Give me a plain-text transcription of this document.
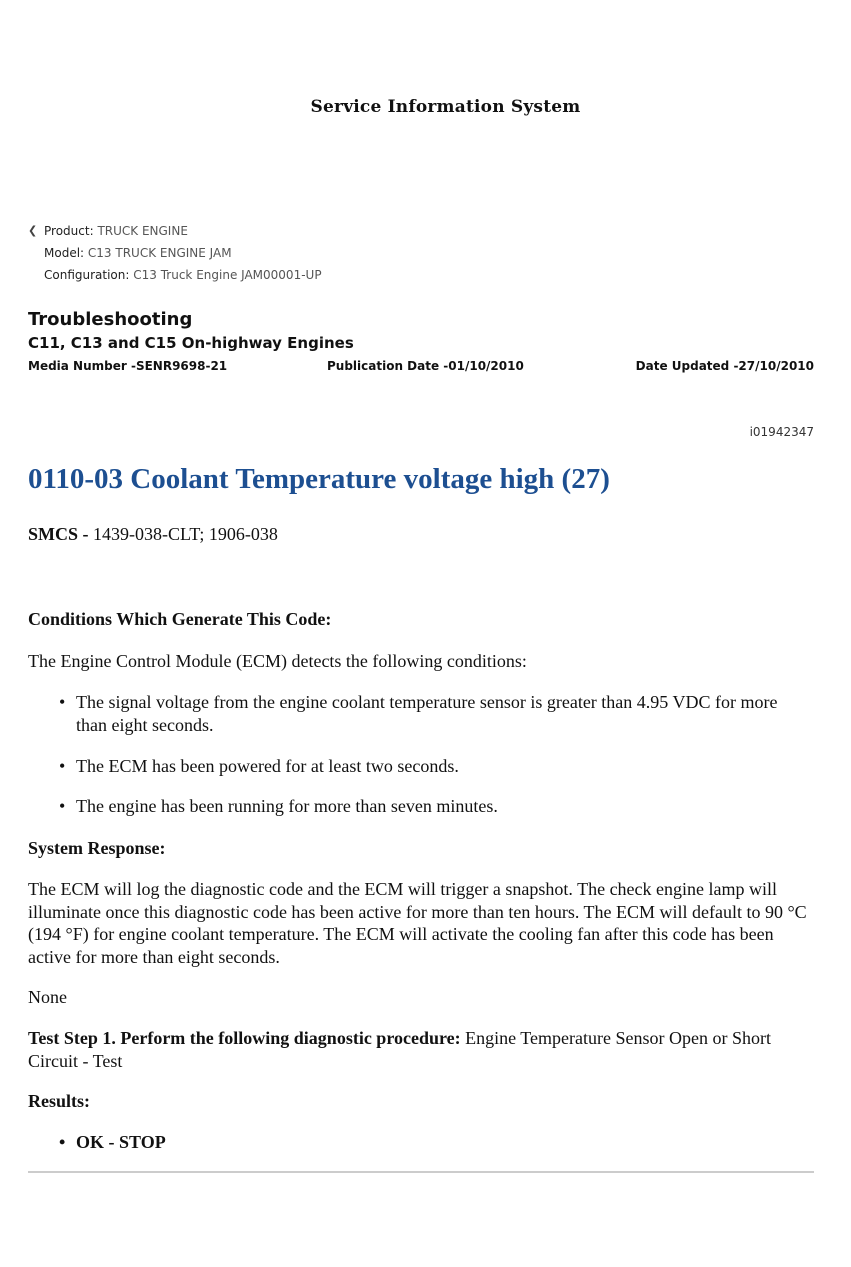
Service Information System
❮ Product: TRUCK ENGINE
Model: C13 TRUCK ENGINE JAM
Configuration: C13 Truck Engine JAM00001-UP
Troubleshooting
C11, C13 and C15 On-highway Engines
Media Number -SENR9698-21	Publication Date -01/10/2010	Date Updated -27/10/2010
i01942347
0110-03 Coolant Temperature voltage high (27)
SMCS - 1439-038-CLT; 1906-038
Conditions Which Generate This Code:
The Engine Control Module (ECM) detects the following conditions:
• The signal voltage from the engine coolant temperature sensor is greater than 4.95 VDC for more than eight seconds.
• The ECM has been powered for at least two seconds.
• The engine has been running for more than seven minutes.
System Response:
The ECM will log the diagnostic code and the ECM will trigger a snapshot. The check engine lamp will illuminate once this diagnostic code has been active for more than ten hours. The ECM will default to 90 °C (194 °F) for engine coolant temperature. The ECM will activate the cooling fan after this code has been active for more than eight seconds.
None
Test Step 1. Perform the following diagnostic procedure: Engine Temperature Sensor Open or Short Circuit - Test
Results:
• OK - STOP
